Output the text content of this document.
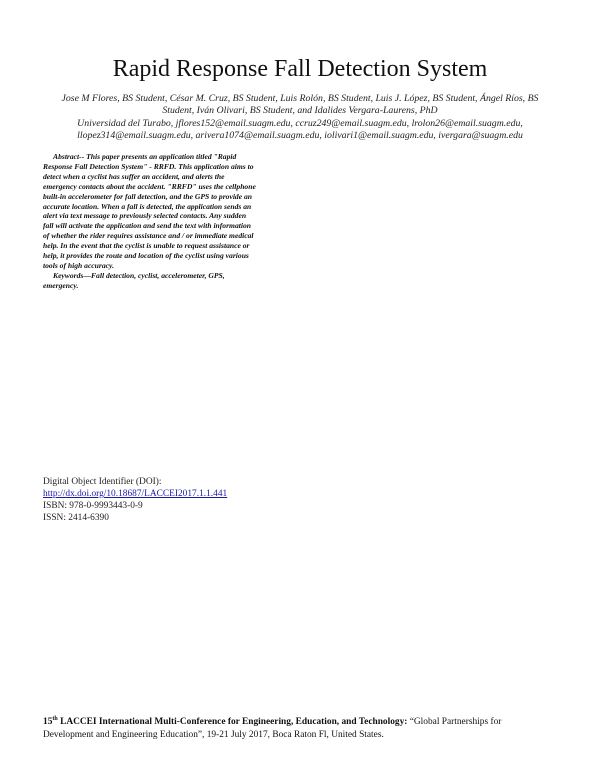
Rapid Response Fall Detection System
Jose M Flores, BS Student, César M. Cruz, BS Student, Luis Rolón, BS Student, Luis J. López, BS Student, Ángel Ríos, BS
Student, Iván Olivari, BS Student, and Idalides Vergara-Laurens, PhD
Universidad del Turabo, jflores152@email.suagm.edu, ccruz249@email.suagm.edu, lrolon26@email.suagm.edu,
llopez314@email.suagm.edu, arivera1074@email.suagm.edu, iolivari1@email.suagm.edu, ivergara@suagm.edu
Abstract-- This paper presents an application titled "Rapid
Response Fall Detection System" - RRFD. This application aims to
detect when a cyclist has suffer an accident, and alerts the
emergency contacts about the accident. "RRFD" uses the cellphone
built-in accelerometer for fall detection, and the GPS to provide an
accurate location. When a fall is detected, the application sends an
alert via text message to previously selected contacts. Any sudden
fall will activate the application and send the text with information
of whether the rider requires assistance and / or immediate medical
help. In the event that the cyclist is unable to request assistance or
help, it provides the route and location of the cyclist using various
tools of high accuracy.
Keywords—Fall detection, cyclist, accelerometer, GPS,
emergency.
Digital Object Identifier (DOI):
http://dx.doi.org/10.18687/LACCEI2017.1.1.441
ISBN: 978-0-9993443-0-9
ISSN: 2414-6390
15th LACCEI International Multi-Conference for Engineering, Education, and Technology: “Global Partnerships for
Development and Engineering Education”, 19-21 July 2017, Boca Raton Fl, United States.
